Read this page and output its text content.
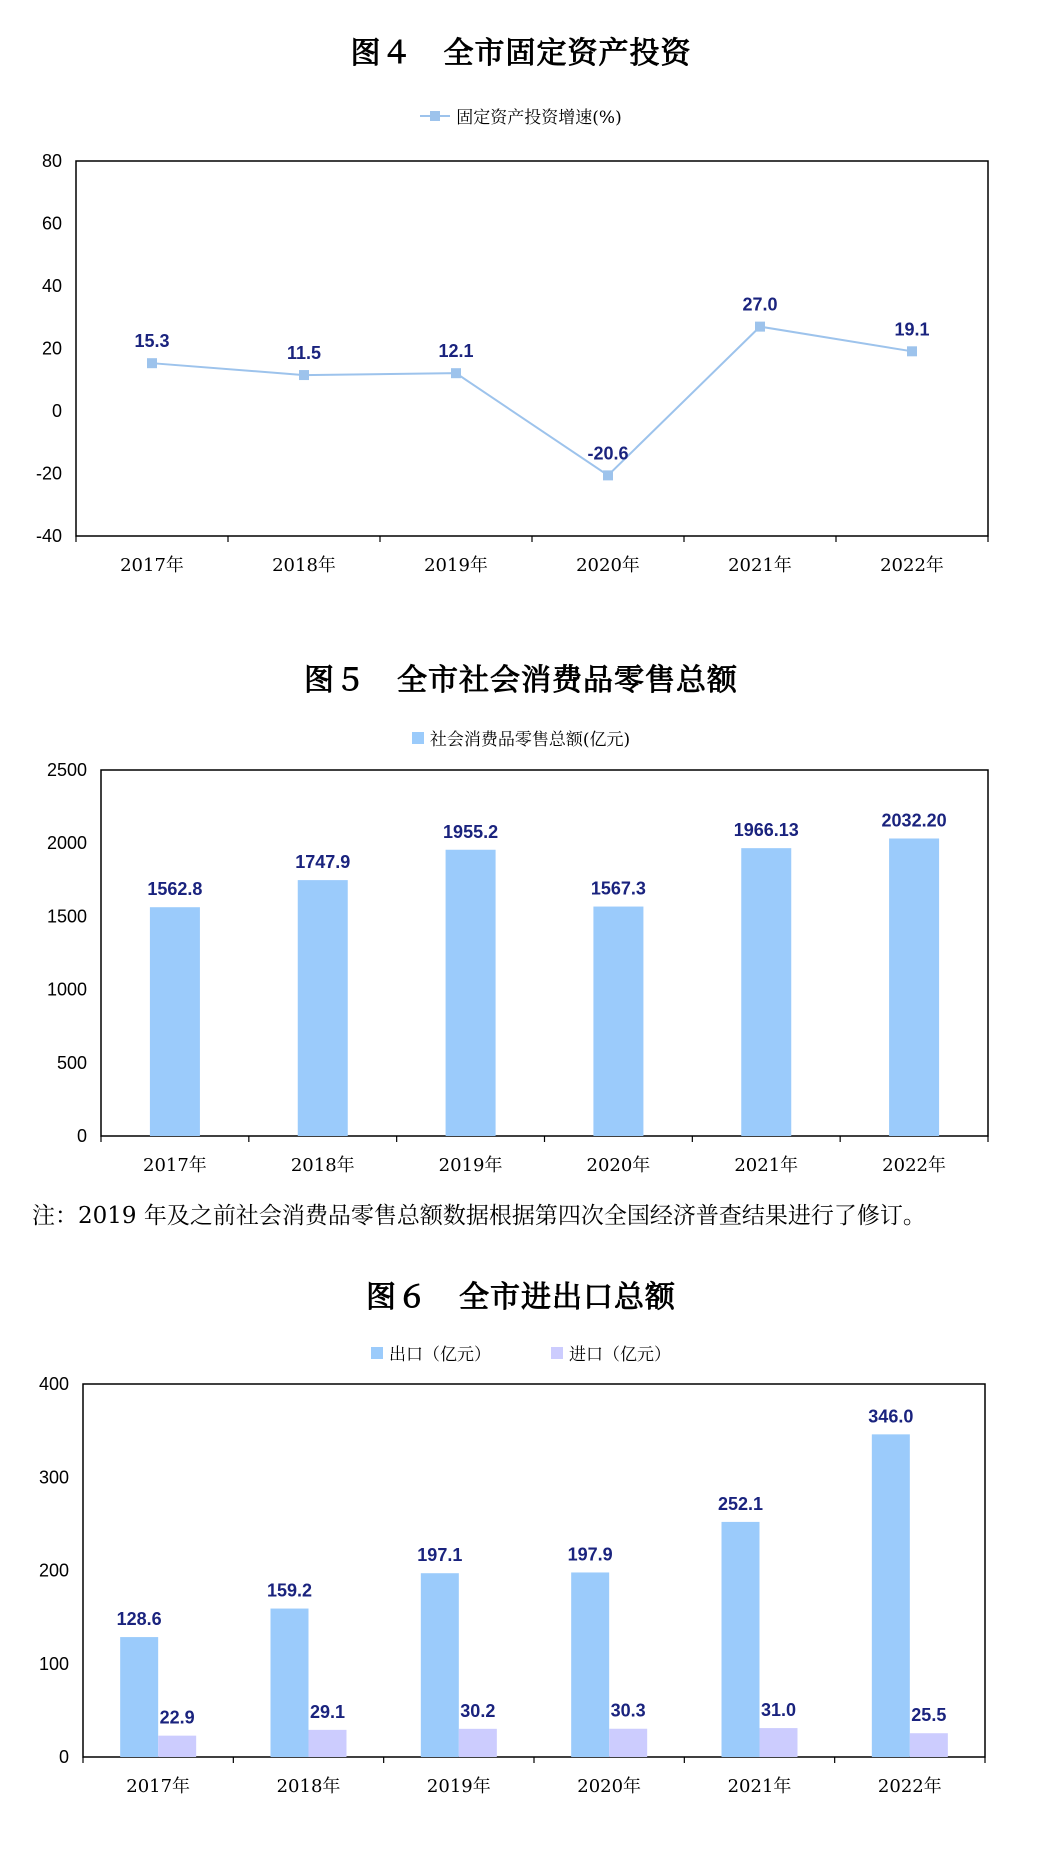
图４　全市固定资产投资
固定资产投资增速(%)
80
60
40
20
0
-20
-40
2017年	2018年	2019年	2020年	2021年	2022年
15.3
11.5	12.1
-20.6
27.0
19.1
图５　全市社会消费品零售总额
社会消费品零售总额(亿元)
2500
2000
1500
1000
500
0
2017年	2018年	2019年	2020年	2021年	2022年
1562.8
1747.9
1955.2
1567.3
1966.13	2032.20
注：2019 年及之前社会消费品零售总额数据根据第四次全国经济普查结果进行了修订。
图６　全市进出口总额
出口（亿元）	进口（亿元）
400
300
200
100
0
2017年	2018年	2019年	2020年	2021年	2022年
128.6
159.2
197.1	197.9
252.1
346.0
22.9	29.1	30.2	30.3	31.0	25.5
